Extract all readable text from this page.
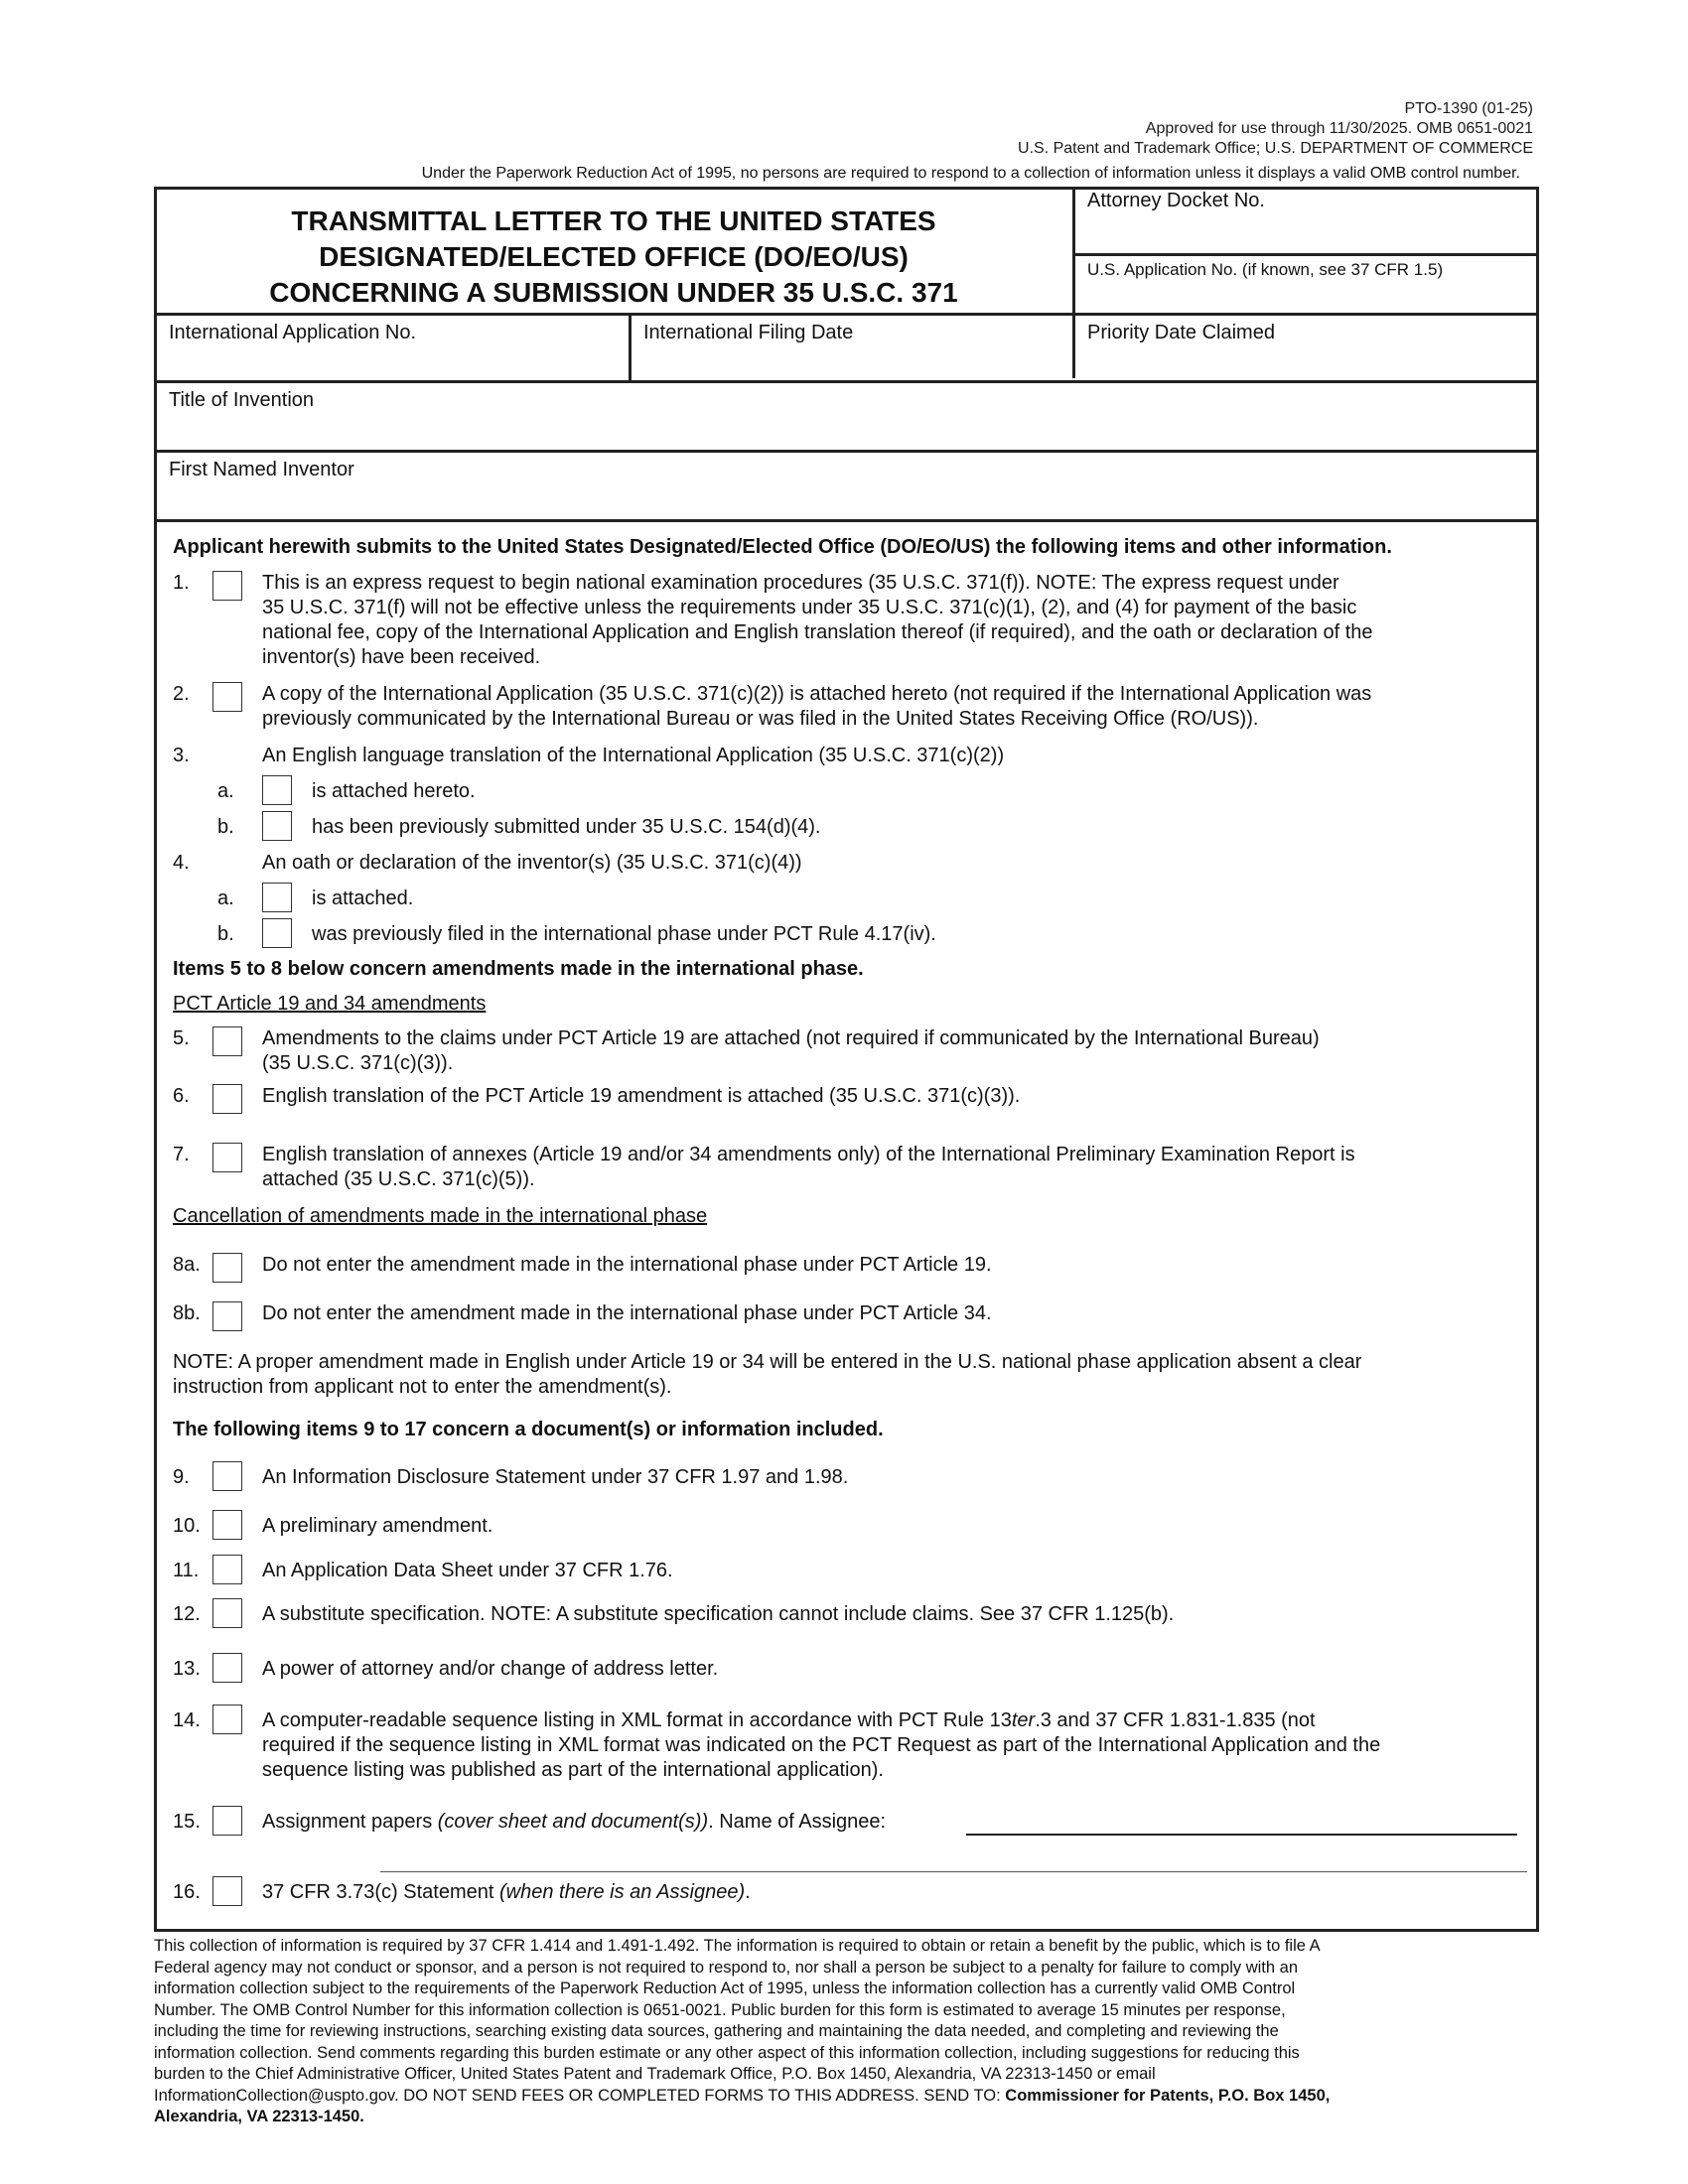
PTO-1390 (01-25)
Approved for use through 11/30/2025. OMB 0651-0021
U.S. Patent and Trademark Office; U.S. DEPARTMENT OF COMMERCE
Under the Paperwork Reduction Act of 1995, no persons are required to respond to a collection of information unless it displays a valid OMB control number.
TRANSMITTAL LETTER TO THE UNITED STATES
DESIGNATED/ELECTED OFFICE (DO/EO/US)
CONCERNING A SUBMISSION UNDER 35 U.S.C. 371
Attorney Docket No.
U.S. Application No. (if known, see 37 CFR 1.5)
International Application No.	International Filing Date	Priority Date Claimed
Title of Invention
First Named Inventor
Applicant herewith submits to the United States Designated/Elected Office (DO/EO/US) the following items and other information.
1.	This is an express request to begin national examination procedures (35 U.S.C. 371(f)). NOTE: The express request under
35 U.S.C. 371(f) will not be effective unless the requirements under 35 U.S.C. 371(c)(1), (2), and (4) for payment of the basic
national fee, copy of the International Application and English translation thereof (if required), and the oath or declaration of the
inventor(s) have been received.
2.	A copy of the International Application (35 U.S.C. 371(c)(2)) is attached hereto (not required if the International Application was
previously communicated by the International Bureau or was filed in the United States Receiving Office (RO/US)).
3.	An English language translation of the International Application (35 U.S.C. 371(c)(2))
a.	is attached hereto.
b.	has been previously submitted under 35 U.S.C. 154(d)(4).
4.	An oath or declaration of the inventor(s) (35 U.S.C. 371(c)(4))
a.	is attached.
b.	was previously filed in the international phase under PCT Rule 4.17(iv).
Items 5 to 8 below concern amendments made in the international phase.
PCT Article 19 and 34 amendments
5.	Amendments to the claims under PCT Article 19 are attached (not required if communicated by the International Bureau)
(35 U.S.C. 371(c)(3)).
6.	English translation of the PCT Article 19 amendment is attached (35 U.S.C. 371(c)(3)).
7.	English translation of annexes (Article 19 and/or 34 amendments only) of the International Preliminary Examination Report is
attached (35 U.S.C. 371(c)(5)).
Cancellation of amendments made in the international phase
8a.	Do not enter the amendment made in the international phase under PCT Article 19.
8b.	Do not enter the amendment made in the international phase under PCT Article 34.
NOTE: A proper amendment made in English under Article 19 or 34 will be entered in the U.S. national phase application absent a clear
instruction from applicant not to enter the amendment(s).
The following items 9 to 17 concern a document(s) or information included.
9.	An Information Disclosure Statement under 37 CFR 1.97 and 1.98.
10.	A preliminary amendment.
11.	An Application Data Sheet under 37 CFR 1.76.
12.	A substitute specification. NOTE: A substitute specification cannot include claims. See 37 CFR 1.125(b).
13.	A power of attorney and/or change of address letter.
14.	A computer-readable sequence listing in XML format in accordance with PCT Rule 13ter.3 and 37 CFR 1.831-1.835 (not
required if the sequence listing in XML format was indicated on the PCT Request as part of the International Application and the
sequence listing was published as part of the international application).
15.	Assignment papers (cover sheet and document(s)). Name of Assignee:
16.	37 CFR 3.73(c) Statement (when there is an Assignee).
This collection of information is required by 37 CFR 1.414 and 1.491-1.492. The information is required to obtain or retain a benefit by the public, which is to file A
Federal agency may not conduct or sponsor, and a person is not required to respond to, nor shall a person be subject to a penalty for failure to comply with an
information collection subject to the requirements of the Paperwork Reduction Act of 1995, unless the information collection has a currently valid OMB Control
Number. The OMB Control Number for this information collection is 0651-0021. Public burden for this form is estimated to average 15 minutes per response,
including the time for reviewing instructions, searching existing data sources, gathering and maintaining the data needed, and completing and reviewing the
information collection. Send comments regarding this burden estimate or any other aspect of this information collection, including suggestions for reducing this
burden to the Chief Administrative Officer, United States Patent and Trademark Office, P.O. Box 1450, Alexandria, VA 22313-1450 or email
InformationCollection@uspto.gov. DO NOT SEND FEES OR COMPLETED FORMS TO THIS ADDRESS. SEND TO: Commissioner for Patents, P.O. Box 1450,
Alexandria, VA 22313-1450.
